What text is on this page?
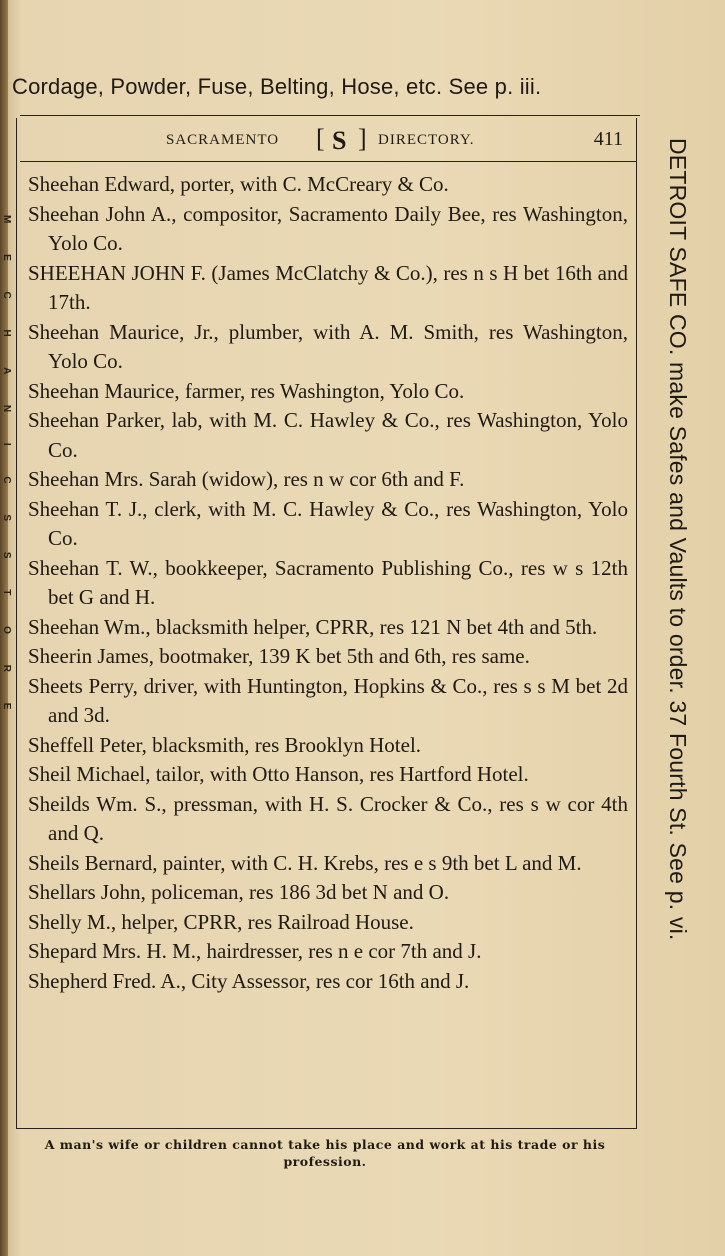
M E C H A N I C S S T O R E
Cordage, Powder, Fuse, Belting, Hose, etc. See p. iii.
SACRAMENTO [ S ] DIRECTORY.	411
Sheehan Edward, porter, with C. McCreary & Co.
Sheehan John A., compositor, Sacramento Daily Bee, res Washington, Yolo Co.
SHEEHAN JOHN F. (James McClatchy & Co.), res n s H bet 16th and 17th.
Sheehan Maurice, Jr., plumber, with A. M. Smith, res Washington, Yolo Co.
Sheehan Maurice, farmer, res Washington, Yolo Co.
Sheehan Parker, lab, with M. C. Hawley & Co., res Washington, Yolo Co.
Sheehan Mrs. Sarah (widow), res n w cor 6th and F.
Sheehan T. J., clerk, with M. C. Hawley & Co., res Washington, Yolo Co.
Sheehan T. W., bookkeeper, Sacramento Publishing Co., res w s 12th bet G and H.
Sheehan Wm., blacksmith helper, CPRR, res 121 N bet 4th and 5th.
Sheerin James, bootmaker, 139 K bet 5th and 6th, res same.
Sheets Perry, driver, with Huntington, Hopkins & Co., res s s M bet 2d and 3d.
Sheffell Peter, blacksmith, res Brooklyn Hotel.
Sheil Michael, tailor, with Otto Hanson, res Hartford Hotel.
Sheilds Wm. S., pressman, with H. S. Crocker & Co., res s w cor 4th and Q.
Sheils Bernard, painter, with C. H. Krebs, res e s 9th bet L and M.
Shellars John, policeman, res 186 3d bet N and O.
Shelly M., helper, CPRR, res Railroad House.
Shepard Mrs. H. M., hairdresser, res n e cor 7th and J.
Shepherd Fred. A., City Assessor, res cor 16th and J.
A man's wife or children cannot take his place and work at his trade or his profession.
DETROIT SAFE CO. make Safes and Vaults to order. 37 Fourth St. See p. vi.
